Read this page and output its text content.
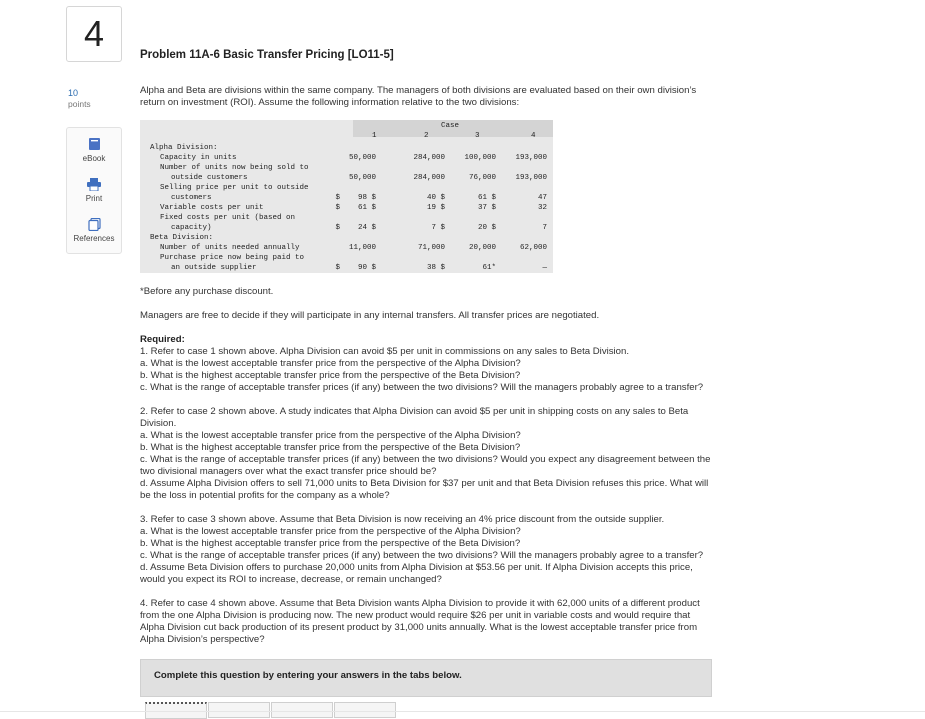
4
10
points
eBook
Print
References
Problem 11A-6 Basic Transfer Pricing [LO11-5]
Alpha and Beta are divisions within the same company. The managers of both divisions are evaluated based on their own division’s
return on investment (ROI). Assume the following information relative to the two divisions:
Case
1	2	3	4
Alpha Division:
Capacity in units	50,000	284,000	100,000	193,000
Number of units now being sold to
outside customers	50,000	284,000	76,000	193,000
Selling price per unit to outside
customers	$    98 $	40 $	61 $	47
Variable costs per unit	$    61 $	19 $	37 $	32
Fixed costs per unit (based on
capacity)	$    24 $	7 $	20 $	7
Beta Division:
Number of units needed annually	11,000	71,000	20,000	62,000
Purchase price now being paid to
an outside supplier	$    90 $	38 $	61*	—
*Before any purchase discount.
Managers are free to decide if they will participate in any internal transfers. All transfer prices are negotiated.
Required:
1. Refer to case 1 shown above. Alpha Division can avoid $5 per unit in commissions on any sales to Beta Division.
a. What is the lowest acceptable transfer price from the perspective of the Alpha Division?
b. What is the highest acceptable transfer price from the perspective of the Beta Division?
c. What is the range of acceptable transfer prices (if any) between the two divisions? Will the managers probably agree to a transfer?
2. Refer to case 2 shown above. A study indicates that Alpha Division can avoid $5 per unit in shipping costs on any sales to Beta
Division.
a. What is the lowest acceptable transfer price from the perspective of the Alpha Division?
b. What is the highest acceptable transfer price from the perspective of the Beta Division?
c. What is the range of acceptable transfer prices (if any) between the two divisions? Would you expect any disagreement between the
two divisional managers over what the exact transfer price should be?
d. Assume Alpha Division offers to sell 71,000 units to Beta Division for $37 per unit and that Beta Division refuses this price. What will
be the loss in potential profits for the company as a whole?
3. Refer to case 3 shown above. Assume that Beta Division is now receiving an 4% price discount from the outside supplier.
a. What is the lowest acceptable transfer price from the perspective of the Alpha Division?
b. What is the highest acceptable transfer price from the perspective of the Beta Division?
c. What is the range of acceptable transfer prices (if any) between the two divisions? Will the managers probably agree to a transfer?
d. Assume Beta Division offers to purchase 20,000 units from Alpha Division at $53.56 per unit. If Alpha Division accepts this price,
would you expect its ROI to increase, decrease, or remain unchanged?
4. Refer to case 4 shown above. Assume that Beta Division wants Alpha Division to provide it with 62,000 units of a different product
from the one Alpha Division is producing now. The new product would require $26 per unit in variable costs and would require that
Alpha Division cut back production of its present product by 31,000 units annually. What is the lowest acceptable transfer price from
Alpha Division’s perspective?
Complete this question by entering your answers in the tabs below.
